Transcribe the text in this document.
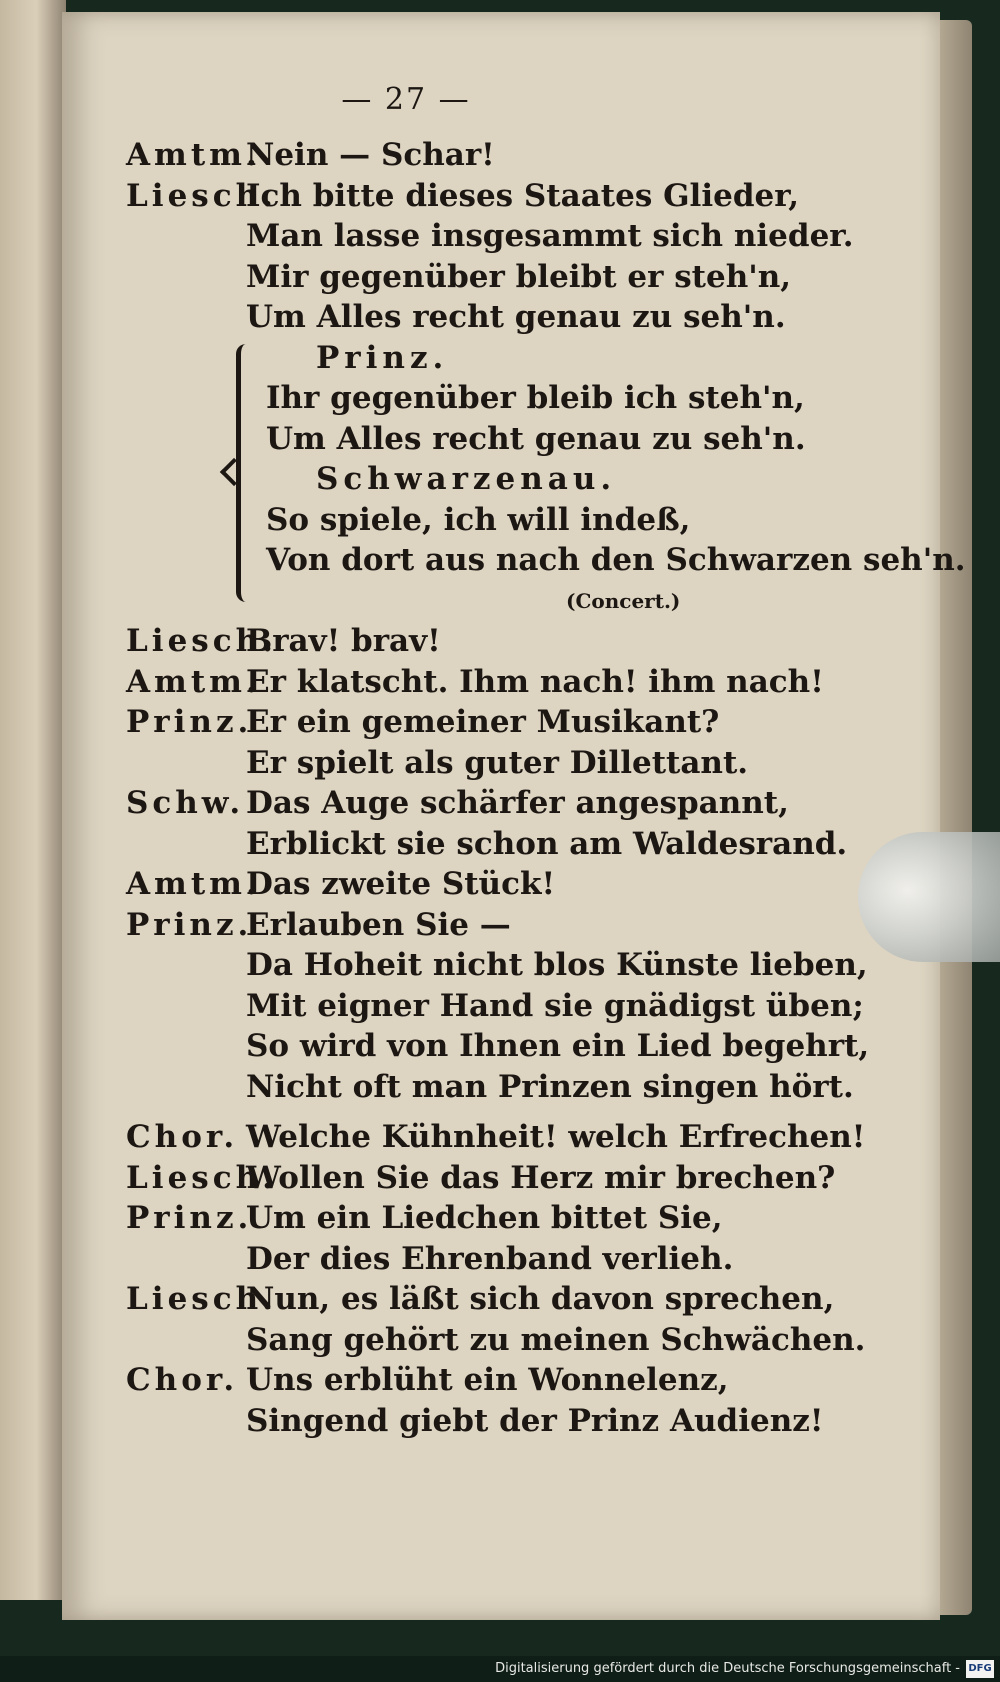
— 27 —
Amtm.Nein — Schar!
Liesch.Ich bitte dieses Staates Glieder,
Man lasse insgesammt sich nieder.
Mir gegenüber bleibt er steh'n,
Um Alles recht genau zu seh'n.
Prinz.
Ihr gegenüber bleib ich steh'n,
Um Alles recht genau zu seh'n.
Schwarzenau.
So spiele, ich will indeß,
Von dort aus nach den Schwarzen seh'n.
(Concert.)
Liesch.Brav! brav!
Amtm.Er klatscht. Ihm nach! ihm nach!
Prinz.Er ein gemeiner Musikant?
Er spielt als guter Dillettant.
Schw.Das Auge schärfer angespannt,
Erblickt sie schon am Waldesrand.
Amtm.Das zweite Stück!
Prinz.Erlauben Sie —
Da Hoheit nicht blos Künste lieben,
Mit eigner Hand sie gnädigst üben;
So wird von Ihnen ein Lied begehrt,
Nicht oft man Prinzen singen hört.
Chor. Welche Kühnheit! welch Erfrechen!
Liesch.Wollen Sie das Herz mir brechen?
Prinz.Um ein Liedchen bittet Sie,
Der dies Ehrenband verlieh.
Liesch.Nun, es läßt sich davon sprechen,
Sang gehört zu meinen Schwächen.
Chor. Uns erblüht ein Wonnelenz,
Singend giebt der Prinz Audienz!
Digitalisierung gefördert durch die Deutsche Forschungsgemeinschaft - DFG
